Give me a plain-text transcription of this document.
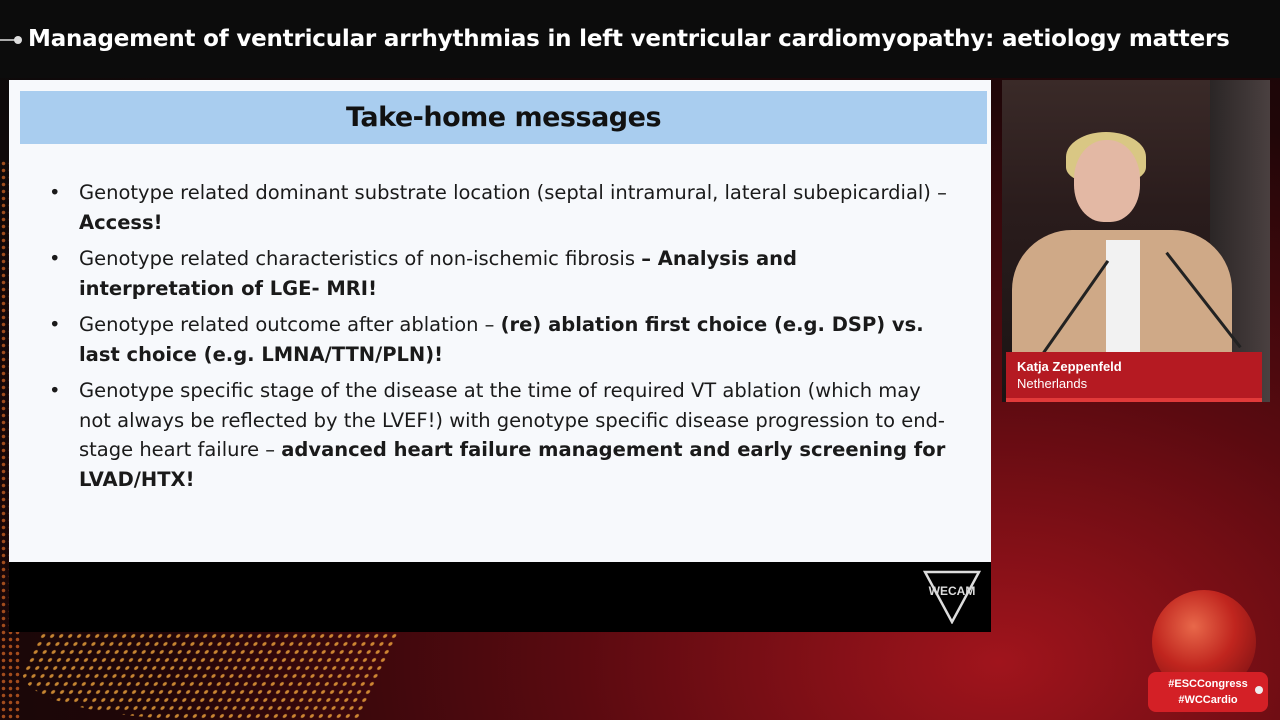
Management of ventricular arrhythmias in left ventricular cardiomyopathy: aetiology matters
Take-home messages
• Genotype related dominant substrate location (septal intramural, lateral subepicardial) – Access!
• Genotype related characteristics of non-ischemic fibrosis – Analysis and interpretation of LGE- MRI!
• Genotype related outcome after ablation – (re) ablation first choice (e.g. DSP) vs. last choice (e.g. LMNA/TTN/PLN)!
• Genotype specific stage of the disease at the time of required VT ablation (which may not always be reflected by the LVEF!) with genotype specific disease progression to end-stage heart failure – advanced heart failure management and early screening for LVAD/HTX!
WECAM
Katja Zeppenfeld
Netherlands
#ESCCongress
#WCCardio
